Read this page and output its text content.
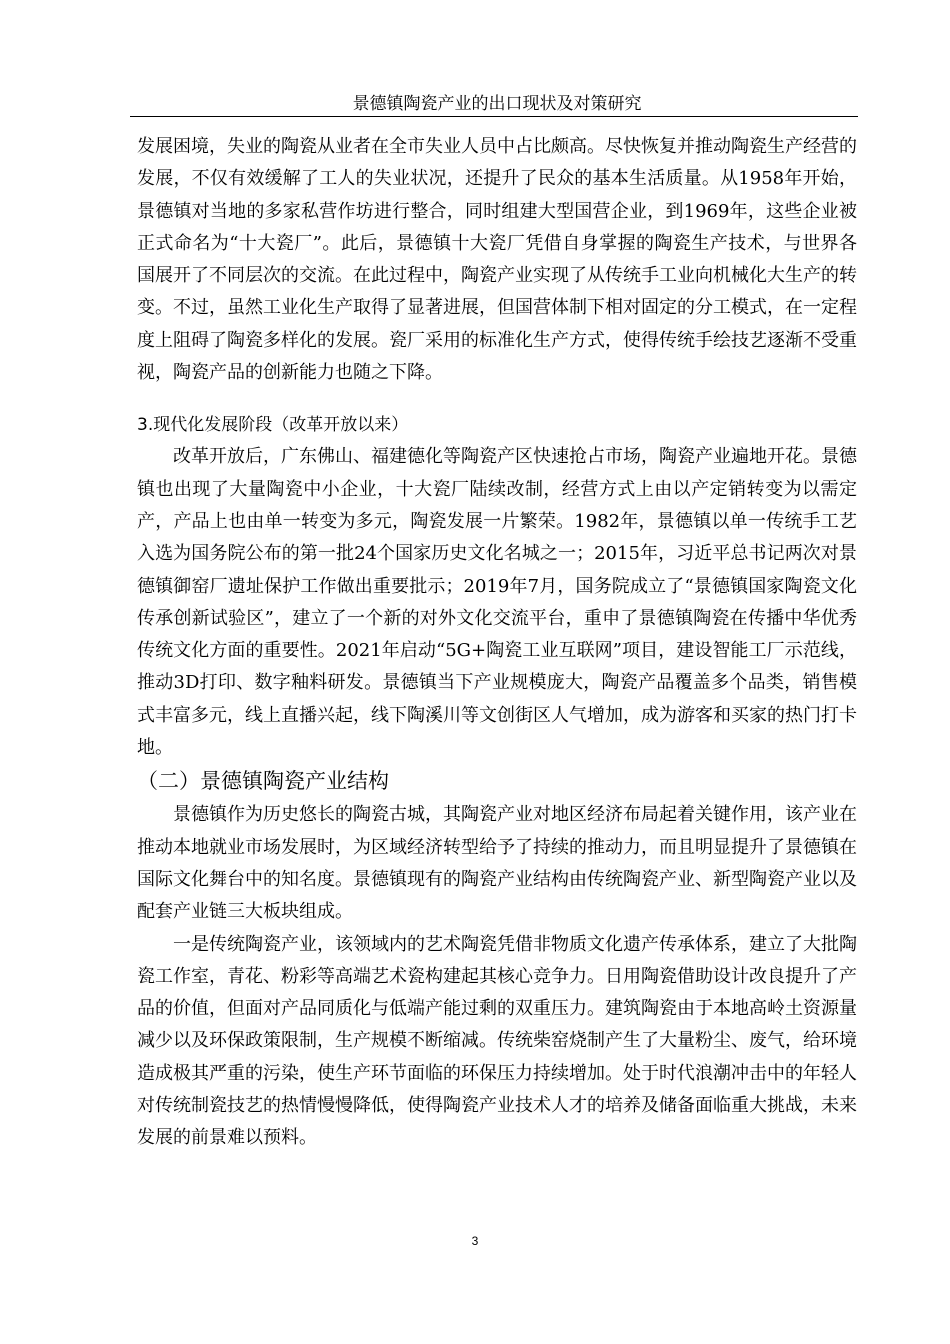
景德镇陶瓷产业的出口现状及对策研究

发展困境，失业的陶瓷从业者在全市失业人员中占比颇高。尽快恢复并推动陶瓷生产经营的发展，不仅有效缓解了工人的失业状况，还提升了民众的基本生活质量。从1958年开始，景德镇对当地的多家私营作坊进行整合，同时组建大型国营企业，到1969年，这些企业被正式命名为“十大瓷厂”。此后，景德镇十大瓷厂凭借自身掌握的陶瓷生产技术，与世界各国展开了不同层次的交流。在此过程中，陶瓷产业实现了从传统手工业向机械化大生产的转变。不过，虽然工业化生产取得了显著进展，但国营体制下相对固定的分工模式，在一定程度上阻碍了陶瓷多样化的发展。瓷厂采用的标准化生产方式，使得传统手绘技艺逐渐不受重视，陶瓷产品的创新能力也随之下降。

3.现代化发展阶段（改革开放以来）

改革开放后，广东佛山、福建德化等陶瓷产区快速抢占市场，陶瓷产业遍地开花。景德镇也出现了大量陶瓷中小企业，十大瓷厂陆续改制，经营方式上由以产定销转变为以需定产，产品上也由单一转变为多元，陶瓷发展一片繁荣。1982年，景德镇以单一传统手工艺入选为国务院公布的第一批24个国家历史文化名城之一；2015年，习近平总书记两次对景德镇御窑厂遗址保护工作做出重要批示；2019年7月，国务院成立了“景德镇国家陶瓷文化传承创新试验区”，建立了一个新的对外文化交流平台，重申了景德镇陶瓷在传播中华优秀传统文化方面的重要性。2021年启动“5G+陶瓷工业互联网”项目，建设智能工厂示范线，推动3D打印、数字釉料研发。景德镇当下产业规模庞大，陶瓷产品覆盖多个品类，销售模式丰富多元，线上直播兴起，线下陶溪川等文创街区人气增加，成为游客和买家的热门打卡地。

（二）景德镇陶瓷产业结构

景德镇作为历史悠长的陶瓷古城，其陶瓷产业对地区经济布局起着关键作用，该产业在推动本地就业市场发展时，为区域经济转型给予了持续的推动力，而且明显提升了景德镇在国际文化舞台中的知名度。景德镇现有的陶瓷产业结构由传统陶瓷产业、新型陶瓷产业以及配套产业链三大板块组成。

一是传统陶瓷产业，该领域内的艺术陶瓷凭借非物质文化遗产传承体系，建立了大批陶瓷工作室，青花、粉彩等高端艺术瓷构建起其核心竞争力。日用陶瓷借助设计改良提升了产品的价值，但面对产品同质化与低端产能过剩的双重压力。建筑陶瓷由于本地高岭土资源量减少以及环保政策限制，生产规模不断缩减。传统柴窑烧制产生了大量粉尘、废气，给环境造成极其严重的污染，使生产环节面临的环保压力持续增加。处于时代浪潮冲击中的年轻人对传统制瓷技艺的热情慢慢降低，使得陶瓷产业技术人才的培养及储备面临重大挑战，未来发展的前景难以预料。

3
